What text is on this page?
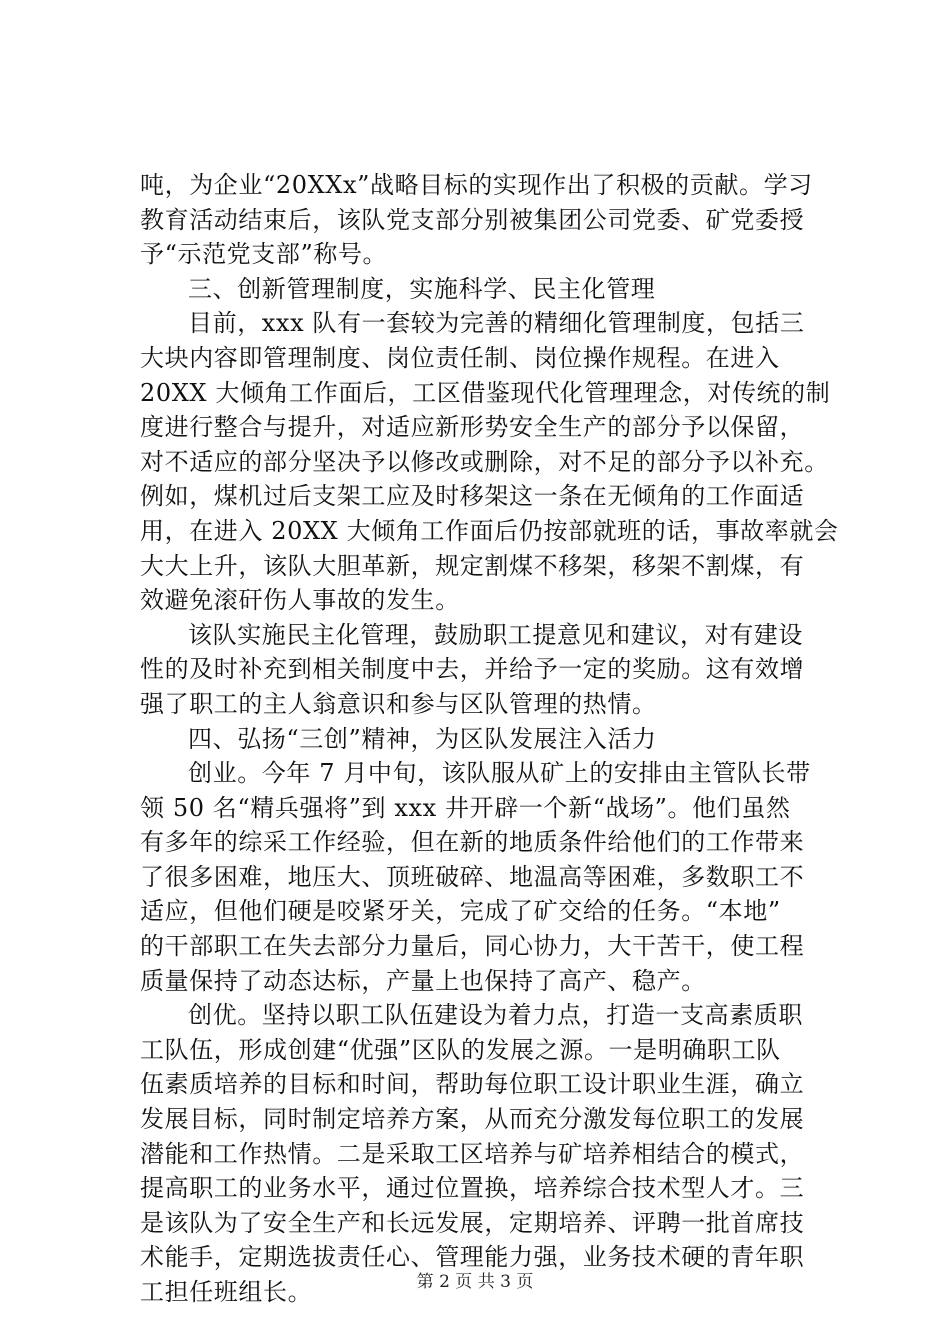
吨，为企业“20XXx”战略目标的实现作出了积极的贡献。学习
教育活动结束后，该队党支部分别被集团公司党委、矿党委授
予“示范党支部”称号。
三、创新管理制度，实施科学、民主化管理
目前，xxx 队有一套较为完善的精细化管理制度，包括三
大块内容即管理制度、岗位责任制、岗位操作规程。在进入
20XX 大倾角工作面后，工区借鉴现代化管理理念，对传统的制
度进行整合与提升，对适应新形势安全生产的部分予以保留，
对不适应的部分坚决予以修改或删除，对不足的部分予以补充。
例如，煤机过后支架工应及时移架这一条在无倾角的工作面适
用，在进入 20XX 大倾角工作面后仍按部就班的话，事故率就会
大大上升，该队大胆革新，规定割煤不移架，移架不割煤，有
效避免滚矸伤人事故的发生。
该队实施民主化管理，鼓励职工提意见和建议，对有建设
性的及时补充到相关制度中去，并给予一定的奖励。这有效增
强了职工的主人翁意识和参与区队管理的热情。
四、弘扬“三创”精神，为区队发展注入活力
创业。今年 7 月中旬，该队服从矿上的安排由主管队长带
领 50 名“精兵强将”到 xxx 井开辟一个新“战场”。他们虽然
有多年的综采工作经验，但在新的地质条件给他们的工作带来
了很多困难，地压大、顶班破碎、地温高等困难，多数职工不
适应，但他们硬是咬紧牙关，完成了矿交给的任务。“本地”
的干部职工在失去部分力量后，同心协力，大干苦干，使工程
质量保持了动态达标，产量上也保持了高产、稳产。
创优。坚持以职工队伍建设为着力点，打造一支高素质职
工队伍，形成创建“优强”区队的发展之源。一是明确职工队
伍素质培养的目标和时间，帮助每位职工设计职业生涯，确立
发展目标，同时制定培养方案，从而充分激发每位职工的发展
潜能和工作热情。二是采取工区培养与矿培养相结合的模式，
提高职工的业务水平，通过位置换，培养综合技术型人才。三
是该队为了安全生产和长远发展，定期培养、评聘一批首席技
术能手，定期选拔责任心、管理能力强，业务技术硬的青年职
工担任班组长。	第 2 页 共 3 页
